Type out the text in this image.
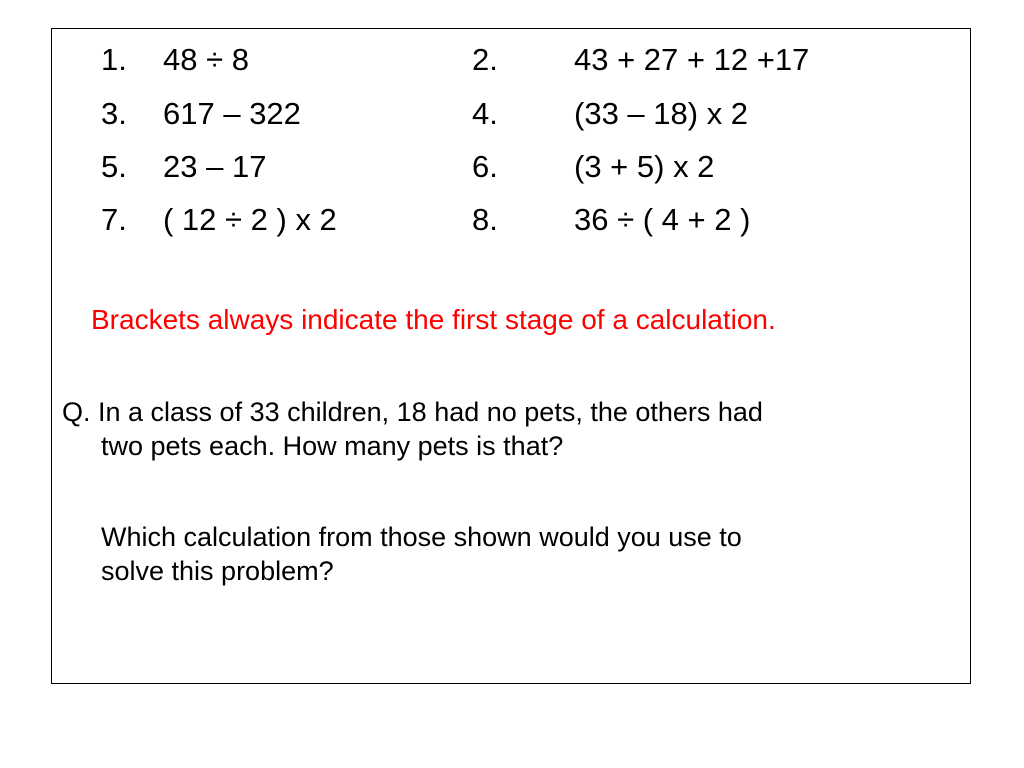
1. 48 ÷ 8
3. 617 – 322
5. 23 – 17
7. ( 12 ÷ 2 ) x 2
2. 43 + 27 + 12 +17
4. (33 – 18) x 2
6. (3 + 5) x 2
8. 36 ÷ ( 4 + 2 )
Brackets always indicate the first stage of a calculation.
Q. In a class of 33 children, 18 had no pets, the others had
two pets each. How many pets is that?
Which calculation from those shown would you use to
solve this problem?
